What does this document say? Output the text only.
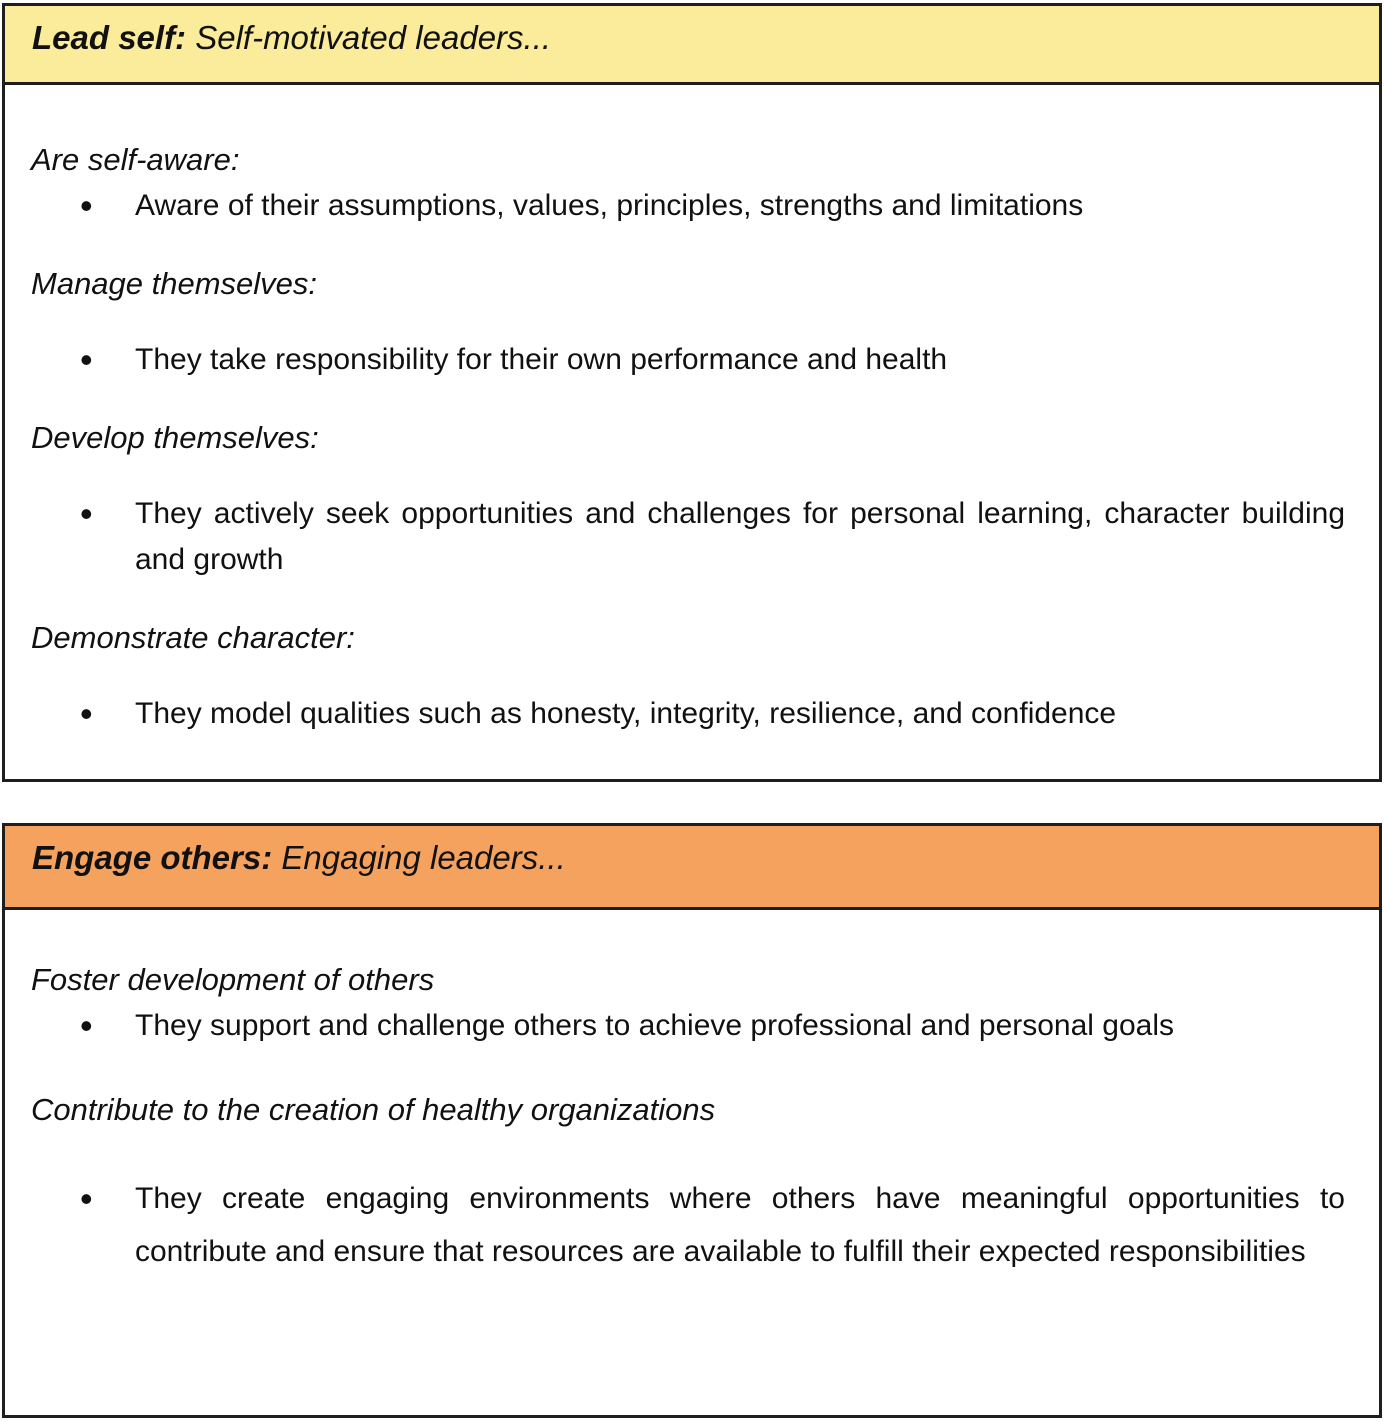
Lead self: Self-motivated leaders...

Are self-aware:

•	Aware of their assumptions, values, principles, strengths and limitations

Manage themselves:

•	They take responsibility for their own performance and health

Develop themselves:

•	They actively seek opportunities and challenges for personal learning, character building and growth

Demonstrate character:

•	They model qualities such as honesty, integrity, resilience, and confidence
Engage others: Engaging leaders...

Foster development of others

•	They support and challenge others to achieve professional and personal goals

Contribute to the creation of healthy organizations

•	They create engaging environments where others have meaningful opportunities to contribute and ensure that resources are available to fulfill their expected responsibilities
